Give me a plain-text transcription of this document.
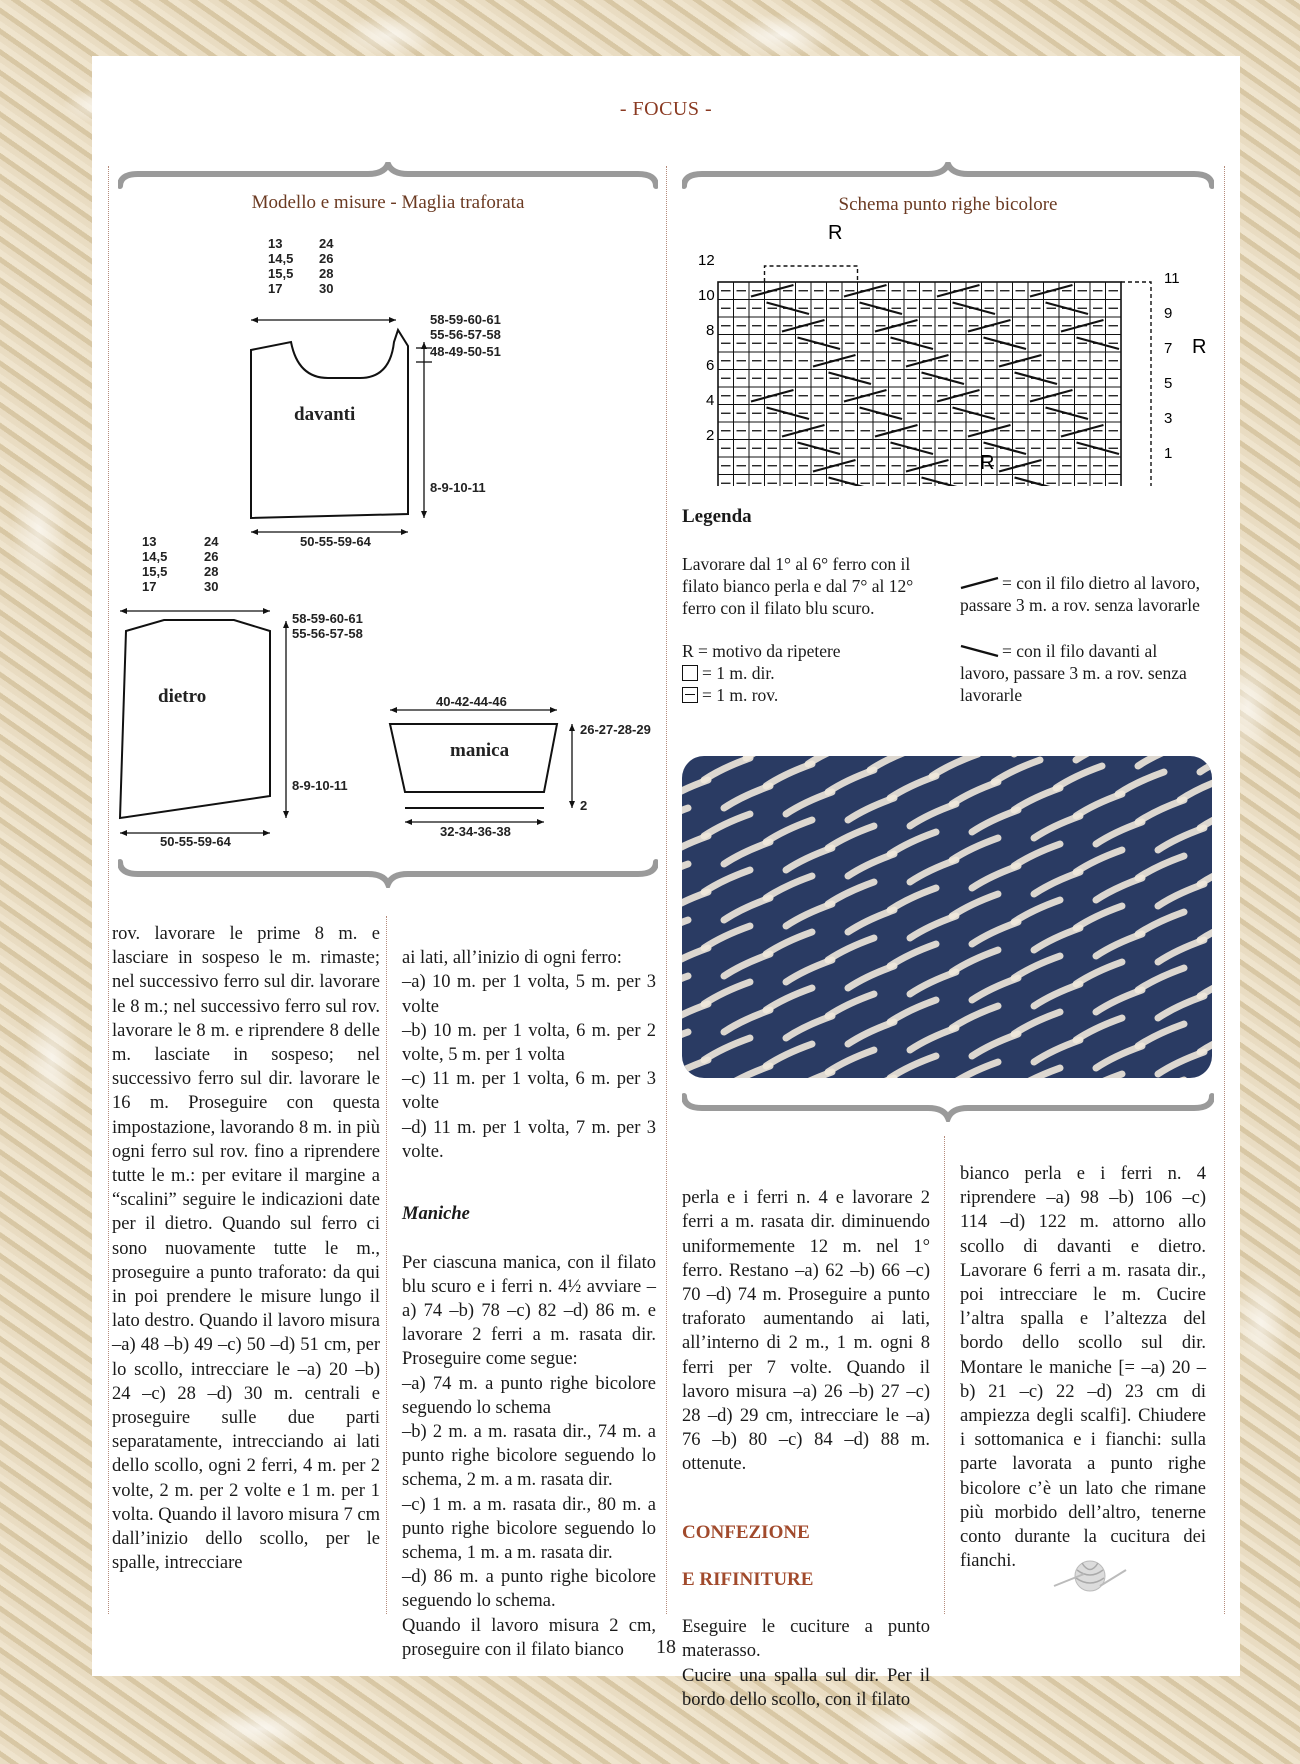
- FOCUS -
Modello e misure - Maglia traforata
13
14,5
15,5
17
24
26
28
30
58-59-60-61
55-56-57-58
48-49-50-51
8-9-10-11
50-55-59-64
davanti
13
14,5
15,5
17
24
26
28
30
58-59-60-61
55-56-57-58
8-9-10-11
50-55-59-64
dietro	40-42-44-46
26-27-28-29
2
32-34-36-38
manica
Schema punto righe bicolore
R
R
R
12
10
8
6
4
2
11
9
7
5
3
1
Legenda
Lavorare dal 1° al 6° ferro con il filato bianco perla e dal 7° al 12° ferro con il filato blu scuro.
R = motivo da ripetere
= 1 m. dir.
= 1 m. rov.
= con il filo dietro al lavoro, passare 3 m. a rov. senza lavorarle
= con il filo davanti al lavoro, passare 3 m. a rov. senza lavorarle
rov. lavorare le prime 8 m. e lasciare in sospeso le m. rimaste; nel successivo ferro sul dir. lavorare le 8 m.; nel successivo ferro sul rov. lavorare le 8 m. e riprendere 8 delle m. lasciate in sospeso; nel successivo ferro sul dir. lavorare le 16 m. Proseguire con questa impostazione, lavorando 8 m. in più ogni ferro sul rov. fino a riprendere tutte le m.: per evitare il margine a “scalini” seguire le indicazioni date per il dietro. Quando sul ferro ci sono nuovamente tutte le m., proseguire a punto traforato: da qui in poi prendere le misure lungo il lato destro. Quando il lavoro misura –a) 48 –b) 49 –c) 50 –d) 51 cm, per lo scollo, intrecciare le –a) 20 –b) 24 –c) 28 –d) 30 m. centrali e proseguire sulle due parti separatamente, intrecciando ai lati dello scollo, ogni 2 ferri, 4 m. per 2 volte, 2 m. per 2 volte e 1 m. per 1 volta. Quando il lavoro misura 7 cm dall’inizio dello scollo, per le spalle, intrecciare

ai lati, all’inizio di ogni ferro:
–a) 10 m. per 1 volta, 5 m. per 3 volte
–b) 10 m. per 1 volta, 6 m. per 2 volte, 5 m. per 1 volta
–c) 11 m. per 1 volta, 6 m. per 3 volte
–d) 11 m. per 1 volta, 7 m. per 3 volte.

Maniche

Per ciascuna manica, con il filato blu scuro e i ferri n. 4½ avviare –a) 74 –b) 78 –c) 82 –d) 86 m. e lavorare 2 ferri a m. rasata dir. Proseguire come segue:
–a) 74 m. a punto righe bicolore seguendo lo schema
–b) 2 m. a m. rasata dir., 74 m. a punto righe bicolore seguendo lo schema, 2 m. a m. rasata dir.
–c) 1 m. a m. rasata dir., 80 m. a punto righe bicolore seguendo lo schema, 1 m. a m. rasata dir.
–d) 86 m. a punto righe bicolore seguendo lo schema.
Quando il lavoro misura 2 cm, proseguire con il filato bianco

perla e i ferri n. 4 e lavorare 2 ferri a m. rasata dir. diminuendo uniformemente 12 m. nel 1° ferro. Restano –a) 62 –b) 66 –c) 70 –d) 74 m. Proseguire a punto traforato aumentando ai lati, all’interno di 2 m., 1 m. ogni 8 ferri per 7 volte. Quando il lavoro misura –a) 26 –b) 27 –c) 28 –d) 29 cm, intrecciare le –a) 76 –b) 80 –c) 84 –d) 88 m. ottenute.

CONFEZIONE

E RIFINITURE

Eseguire le cuciture a punto materasso.
Cucire una spalla sul dir. Per il bordo dello scollo, con il filato

bianco perla e i ferri n. 4 riprendere –a) 98 –b) 106 –c) 114 –d) 122 m. attorno allo scollo di davanti e dietro. Lavorare 6 ferri a m. rasata dir., poi intrecciare le m. Cucire l’altra spalla e l’altezza del bordo dello scollo sul dir. Montare le maniche [= –a) 20 –b) 21 –c) 22 –d) 23 cm di ampiezza degli scalfi]. Chiudere i sottomanica e i fianchi: sulla parte lavorata a punto righe bicolore c’è un lato che rimane più morbido dell’altro, tenerne conto durante la cucitura dei fianchi.
18
